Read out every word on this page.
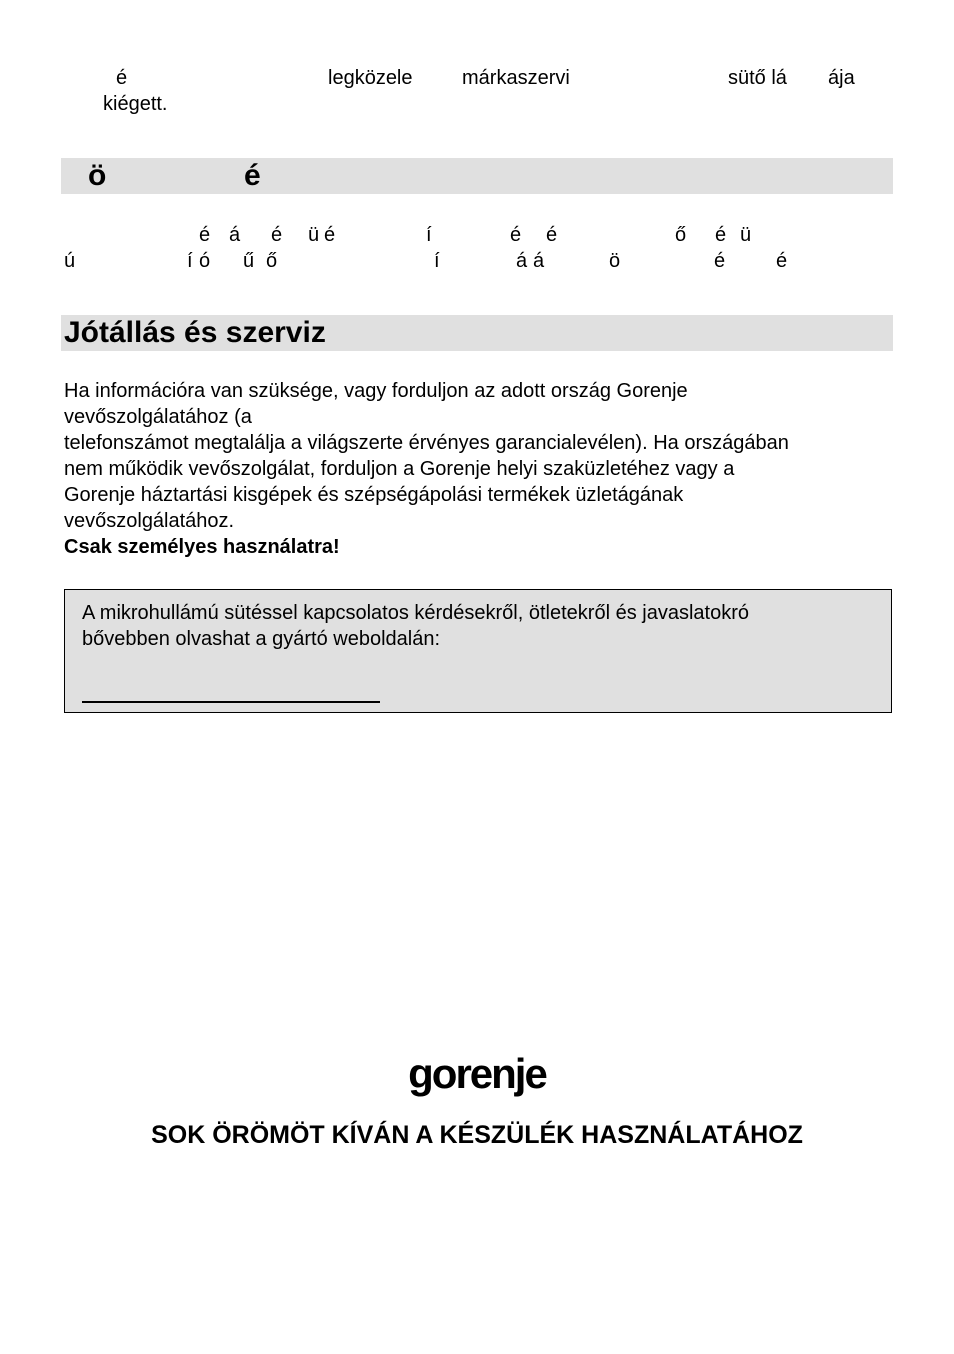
é	legközele márkaszervi	sütő lá ája
kiégett.
ö	é
é á é ü é	í	é é	ő é ü
ú	í ó ű ő	í	á á	ö	é	é
Jótállás és szerviz
Ha információra van szüksége, vagy forduljon az adott ország Gorenje
vevőszolgálatához (a
telefonszámot megtalálja a világszerte érvényes garancialevélen). Ha országában
nem működik vevőszolgálat, forduljon a Gorenje helyi szaküzletéhez vagy a
Gorenje háztartási kisgépek és szépségápolási termékek üzletágának
vevőszolgálatához.
Csak személyes használatra!
A mikrohullámú sütéssel kapcsolatos kérdésekről, ötletekről és javaslatokró
bővebben olvashat a gyártó weboldalán:
gorenje
SOK ÖRÖMÖT KÍVÁN A KÉSZÜLÉK HASZNÁLATÁHOZ
